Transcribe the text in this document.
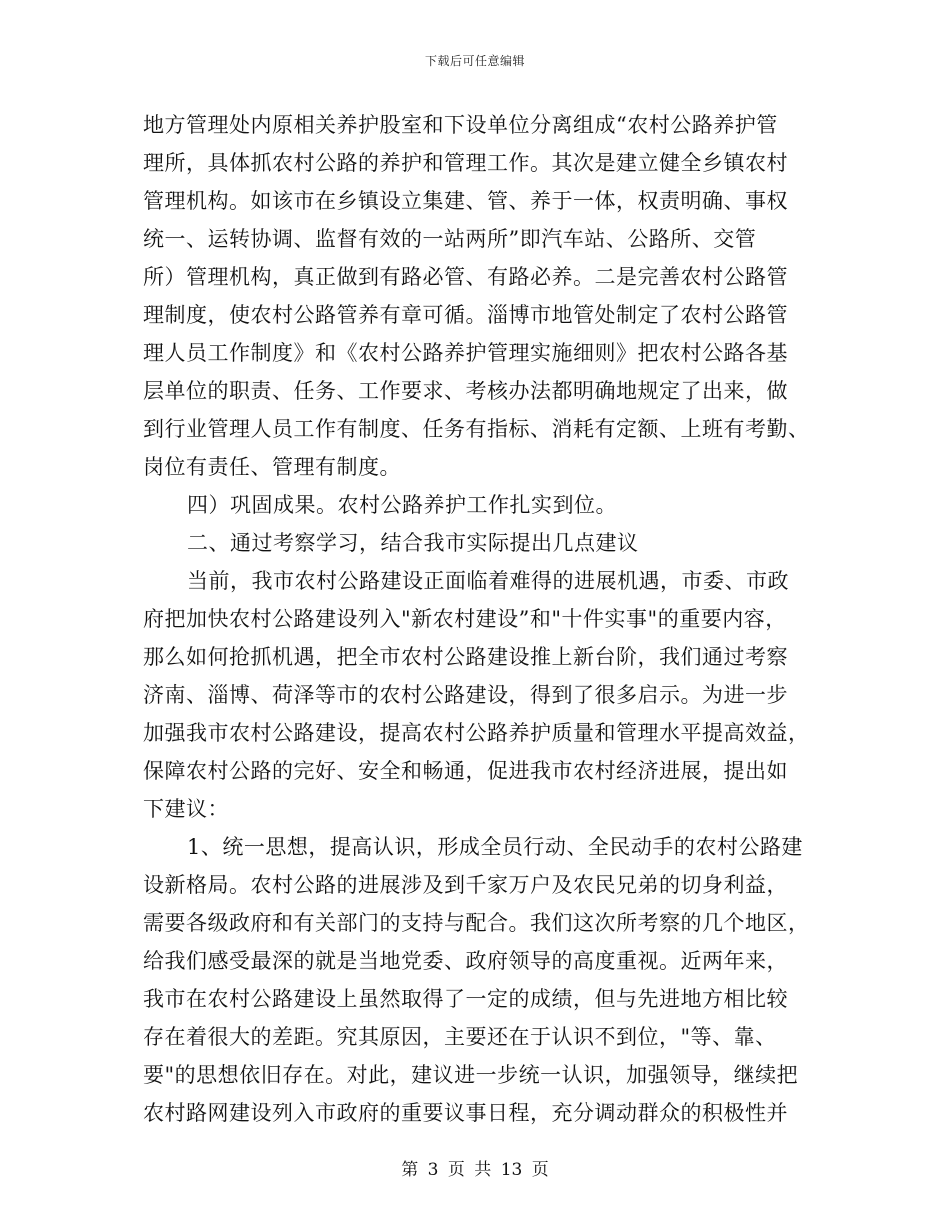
下载后可任意编辑
地方管理处内原相关养护股室和下设单位分离组成“农村公路养护管
理所，具体抓农村公路的养护和管理工作。其次是建立健全乡镇农村
管理机构。如该市在乡镇设立集建、管、养于一体，权责明确、事权
统一、运转协调、监督有效的一站两所”即汽车站、公路所、交管
所）管理机构，真正做到有路必管、有路必养。二是完善农村公路管
理制度，使农村公路管养有章可循。淄博市地管处制定了农村公路管
理人员工作制度》和《农村公路养护管理实施细则》把农村公路各基
层单位的职责、任务、工作要求、考核办法都明确地规定了出来，做
到行业管理人员工作有制度、任务有指标、消耗有定额、上班有考勤、
岗位有责任、管理有制度。
四）巩固成果。农村公路养护工作扎实到位。
二、通过考察学习，结合我市实际提出几点建议
当前，我市农村公路建设正面临着难得的进展机遇，市委、市政
府把加快农村公路建设列入"新农村建设”和"十件实事"的重要内容，
那么如何抢抓机遇，把全市农村公路建设推上新台阶，我们通过考察
济南、淄博、荷泽等市的农村公路建设，得到了很多启示。为进一步
加强我市农村公路建设，提高农村公路养护质量和管理水平提高效益，
保障农村公路的完好、安全和畅通，促进我市农村经济进展，提出如
下建议：
1、统一思想，提高认识，形成全员行动、全民动手的农村公路建
设新格局。农村公路的进展涉及到千家万户及农民兄弟的切身利益，
需要各级政府和有关部门的支持与配合。我们这次所考察的几个地区，
给我们感受最深的就是当地党委、政府领导的高度重视。近两年来，
我市在农村公路建设上虽然取得了一定的成绩，但与先进地方相比较
存在着很大的差距。究其原因，主要还在于认识不到位，"等、靠、
要"的思想依旧存在。对此，建议进一步统一认识，加强领导，继续把
农村路网建设列入市政府的重要议事日程，充分调动群众的积极性并
第 3 页 共 13 页
